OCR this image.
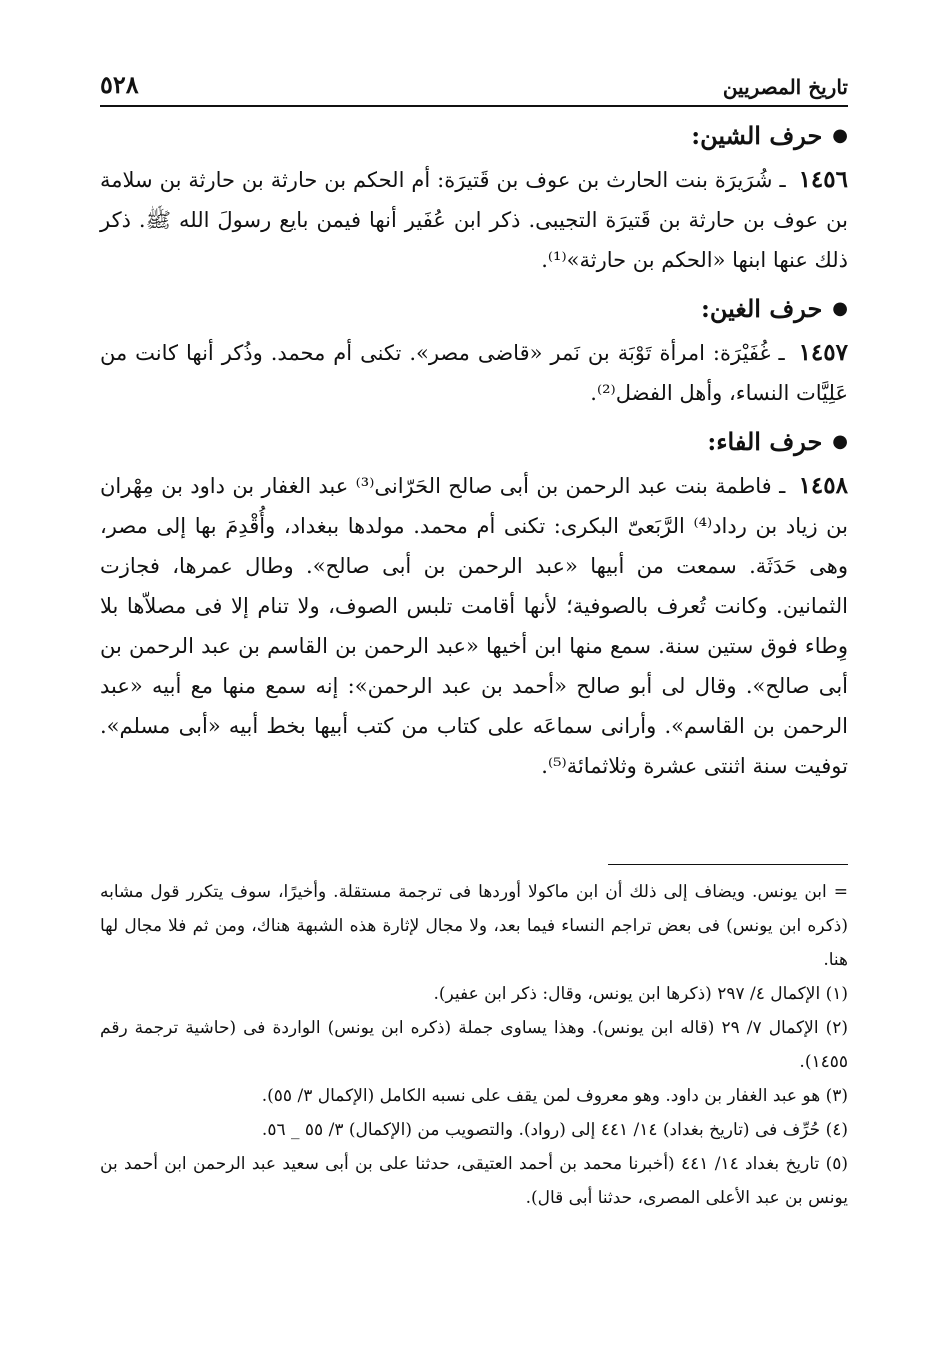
تاريخ المصريين
٥٢٨
●
حرف الشين:

١٤٥٦ ـ شُرَيرَة بنت الحارث بن عوف بن قَتيرَة: أم الحكم بن حارثة بن حارثة بن سلامة بن عوف بن حارثة بن قَتيرَة التجيبى. ذكر ابن عُفَير أنها فيمن بايع رسولَ الله ﷺ. ذكر ذلك عنها ابنها «الحكم بن حارثة»⁽¹⁾.

●
حرف الغين:

١٤٥٧ ـ غُفَيْرَة: امرأة تَوْبَة بن نَمر «قاضى مصر». تكنى أم محمد. وذُكر أنها كانت من عَلِيَّات النساء، وأهل الفضل⁽²⁾.

●
حرف الفاء:

١٤٥٨ ـ فاطمة بنت عبد الرحمن بن أبى صالح الحَرّانى⁽³⁾ عبد الغفار بن داود بن مِهْران بن زياد بن رداد⁽⁴⁾ الرَّبَعىّ البكرى: تكنى أم محمد. مولدها ببغداد، وأُقْدِمَ بها إلى مصر، وهى حَدَثَة. سمعت من أبيها «عبد الرحمن بن أبى صالح». وطال عمرها، فجازت الثمانين. وكانت تُعرف بالصوفية؛ لأنها أقامت تلبس الصوف، ولا تنام إلا فى مصلاّها بلا وِطاء فوق ستين سنة. سمع منها ابن أخيها «عبد الرحمن بن القاسم بن عبد الرحمن بن أبى صالح». وقال لى أبو صالح «أحمد بن عبد الرحمن»: إنه سمع منها مع أبيه «عبد الرحمن بن القاسم». وأرانى سماعَه على كتاب من كتب أبيها بخط أبيه «أبى مسلم». توفيت سنة اثنتى عشرة وثلاثمائة⁽⁵⁾.

= ابن يونس. ويضاف إلى ذلك أن ابن ماكولا أوردها فى ترجمة مستقلة. وأخيرًا، سوف يتكرر قول مشابه (ذكره ابن يونس) فى بعض تراجم النساء فيما بعد، ولا مجال لإثارة هذه الشبهة هناك، ومن ثم فلا مجال لها هنا.

(١) الإكمال ٤/ ٢٩٧ (ذكرها ابن يونس، وقال: ذكر ابن عفير).

(٢) الإكمال ٧/ ٢٩ (قاله ابن يونس). وهذا يساوى جملة (ذكره ابن يونس) الواردة فى (حاشية ترجمة رقم ١٤٥٥).

(٣) هو عبد الغفار بن داود. وهو معروف لمن يقف على نسبه الكامل (الإكمال ٣/ ٥٥).

(٤) حُرِّف فى (تاريخ بغداد) ١٤/ ٤٤١ إلى (رواد). والتصويب من (الإكمال) ٣/ ٥٥ _ ٥٦.

(٥) تاريخ بغداد ١٤/ ٤٤١ (أخبرنا محمد بن أحمد العتيقى، حدثنا على بن أبى سعيد عبد الرحمن ابن أحمد بن يونس بن عبد الأعلى المصرى، حدثنا أبى قال).
